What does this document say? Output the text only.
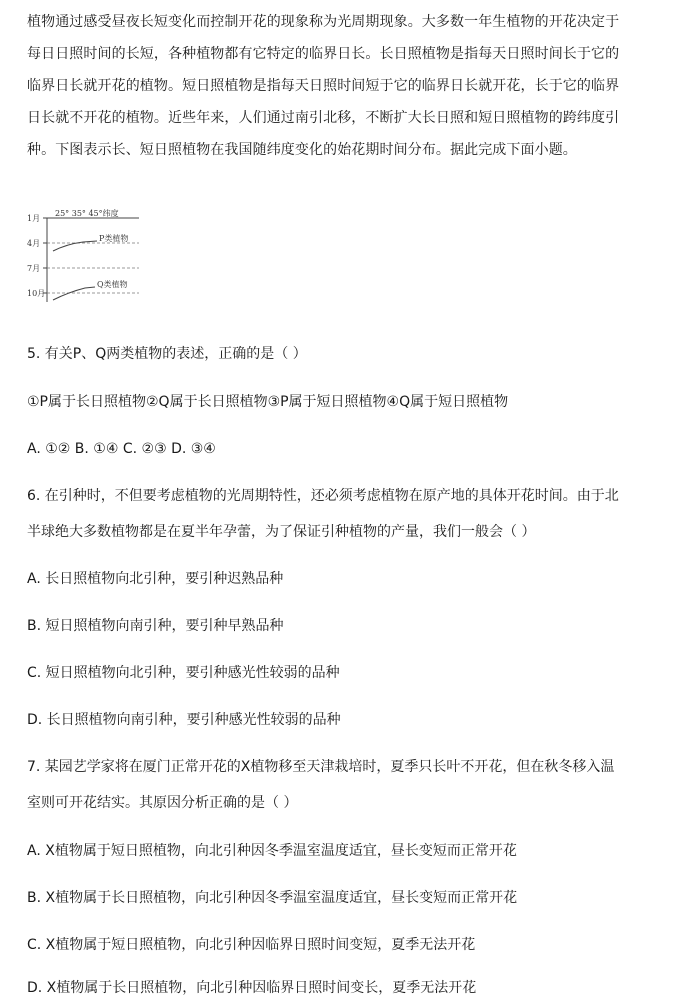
植物通过感受昼夜长短变化而控制开花的现象称为光周期现象。大多数一年生植物的开花决定于

每日日照时间的长短，各种植物都有它特定的临界日长。长日照植物是指每天日照时间长于它的

临界日长就开花的植物。短日照植物是指每天日照时间短于它的临界日长就开花，长于它的临界

日长就不开花的植物。近些年来，人们通过南引北移，不断扩大长日照和短日照植物的跨纬度引

种。下图表示长、短日照植物在我国随纬度变化的始花期时间分布。据此完成下面小题。

1月
4月
7月
10月
25° 35° 45°纬度
P类植物
Q类植物
5. 有关P、Q两类植物的表述，正确的是（ ）
①P属于长日照植物②Q属于长日照植物③P属于短日照植物④Q属于短日照植物
A. ①② B. ①④ C. ②③ D. ③④
6. 在引种时，不但要考虑植物的光周期特性，还必须考虑植物在原产地的具体开花时间。由于北
半球绝大多数植物都是在夏半年孕蕾，为了保证引种植物的产量，我们一般会（ ）
A. 长日照植物向北引种，要引种迟熟品种
B. 短日照植物向南引种，要引种早熟品种
C. 短日照植物向北引种，要引种感光性较弱的品种
D. 长日照植物向南引种，要引种感光性较弱的品种
7. 某园艺学家将在厦门正常开花的X植物移至天津栽培时，夏季只长叶不开花，但在秋冬移入温
室则可开花结实。其原因分析正确的是（ ）
A. X植物属于短日照植物，向北引种因冬季温室温度适宜，昼长变短而正常开花
B. X植物属于长日照植物，向北引种因冬季温室温度适宜，昼长变短而正常开花
C. X植物属于短日照植物，向北引种因临界日照时间变短，夏季无法开花
D. X植物属于长日照植物，向北引种因临界日照时间变长，夏季无法开花
